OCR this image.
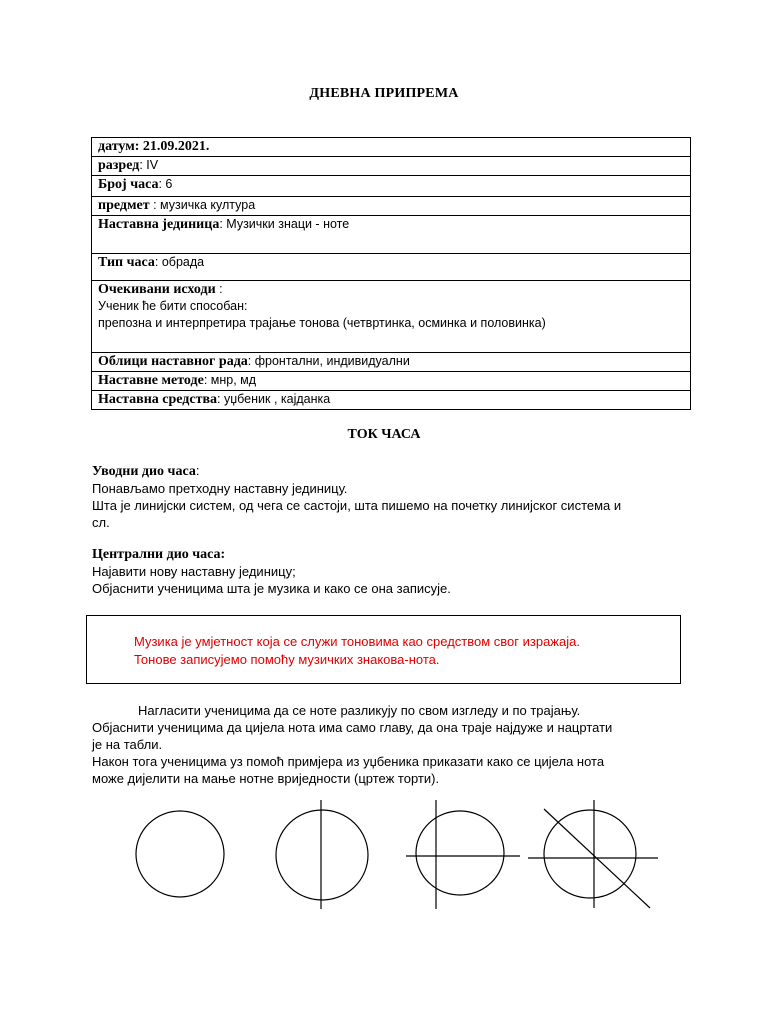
ДНЕВНА ПРИПРЕМА
датум: 21.09.2021.
разред: IV
Број часа: 6
предмет : музичка култура
Наставна јединица: Музички знаци - ноте
Тип часа: обрада

Очекивани исходи :
Ученик ће бити способан:
препозна и интерпретира трајање тонова (четвртинка, осминка и половинка)

Облици наставног рада: фронтални, индивидуални
Наставне методе: мнр, мд
Наставна средства: уџбеник , кајданка
ТОК ЧАСА
Уводни дио часа:
Понављамо претходну наставну јединицу.
Шта је линијски систем, од чега се састоји, шта пишемо на почетку линијског система и
сл.
Централни дио часа:
Најавити нову наставну јединицу;
Објаснити ученицима шта је музика и како се она записује.

Музика је умјетност која се служи тоновима као средством свог изражаја.

Тонове записујемо помоћу музичких знакова-нота.

Нагласити ученицима да се ноте разликују по свом изгледу и по трајању.
Објаснити ученицима да цијела нота има само главу, да она траје најдуже и нацртати
је на табли.
Након тога ученицима уз помоћ примјера из уџбеника приказати како се цијела нота
може дијелити на мање нотне вриједности (цртеж торти).
